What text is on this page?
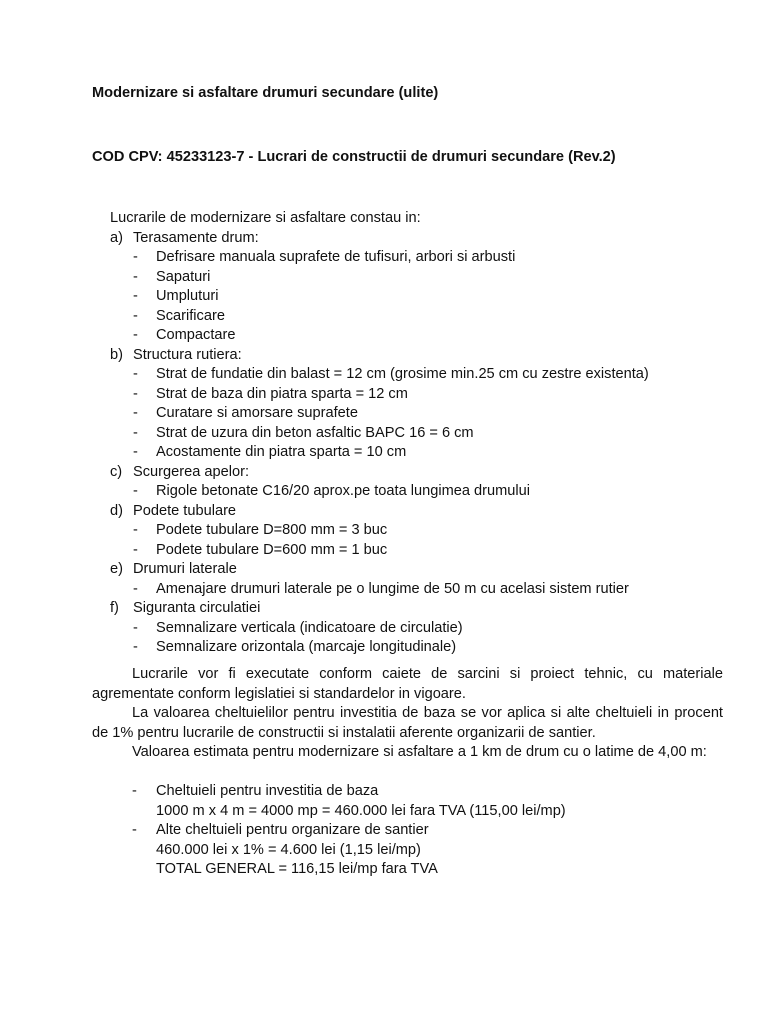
Modernizare si asfaltare drumuri secundare (ulite)
COD CPV: 45233123-7 - Lucrari de constructii de drumuri secundare (Rev.2)
Lucrarile de modernizare si asfaltare constau in:
a) Terasamente drum:
- Defrisare manuala suprafete de tufisuri, arbori si arbusti
- Sapaturi
- Umpluturi
- Scarificare
- Compactare
b) Structura rutiera:
- Strat de fundatie din balast = 12 cm (grosime min.25 cm cu zestre existenta)
- Strat de baza din piatra sparta = 12 cm
- Curatare si amorsare suprafete
- Strat de uzura din beton asfaltic BAPC 16 = 6 cm
- Acostamente din piatra sparta = 10 cm
c) Scurgerea apelor:
- Rigole betonate C16/20 aprox.pe toata lungimea drumului
d) Podete tubulare
- Podete tubulare D=800 mm = 3 buc
- Podete tubulare D=600 mm = 1 buc
e) Drumuri laterale
- Amenajare drumuri laterale pe o lungime de 50 m cu acelasi sistem rutier
f) Siguranta circulatiei
- Semnalizare verticala (indicatoare de circulatie)
- Semnalizare orizontala (marcaje longitudinale)

Lucrarile vor fi executate conform caiete de sarcini si proiect tehnic, cu materiale agrementate conform legislatiei si standardelor in vigoare.

La valoarea cheltuielilor pentru investitia de baza se vor aplica si alte cheltuieli in procent de 1% pentru lucrarile de constructii si instalatii aferente organizarii de santier.

Valoarea estimata pentru modernizare si asfaltare a 1 km de drum cu o latime de 4,00 m:

- Cheltuieli pentru investitia de baza
1000 m x 4 m = 4000 mp = 460.000 lei fara TVA (115,00 lei/mp)
- Alte cheltuieli pentru organizare de santier
460.000 lei x 1% = 4.600 lei (1,15 lei/mp)
TOTAL GENERAL = 116,15 lei/mp fara TVA
